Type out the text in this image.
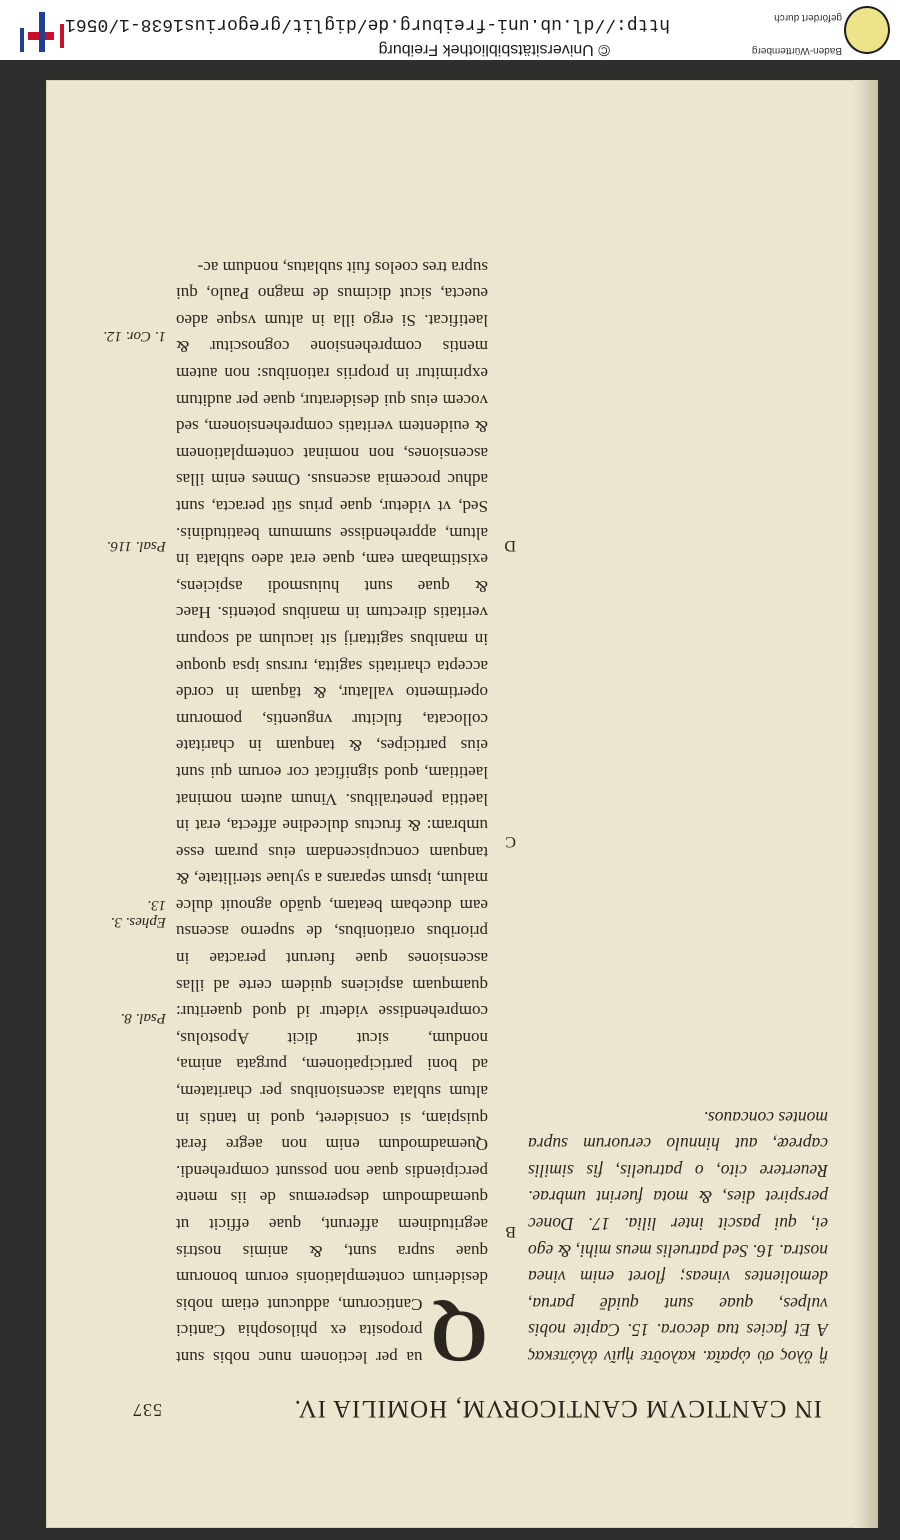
IN CANTICVM CANTICORVM, HOMILIA IV.
537
ἢ ὅλος σὺ ὡραῖα. καλοῦτε ἡμῖν ἀλώπεκας A Et facies tua decora. 15. Capite nobis vulpes, quae sunt quidē parua, demolientes vineas; floret enim vinea nostra. 16. Sed patruelis meus mihi, & ego ei, qui pascit inter lilia. 17. Donec perspiret dies, & mota fuerint umbrae. Reuertere cito, o patruelis, fis similis capreæ, aut hinnulo ceruorum supra montes concauos.
Q
ua per lectionem nunc nobis sunt proposita ex philosophia Cantici Canticorum, adducunt etiam nobis desiderium contemplationis eorum bonorum quae supra sunt, & animis nostris aegritudinem afferunt, quae efficit ut quemadmodum desperemus de iis mente percipiendis quae non possunt comprehendi. Quemadmodum enim non aegre ferat quispiam, si consideret, quod in tantis in altum sublata ascensionibus per charitatem, ad boni participationem, purgata anima, nondum, sicut dicit Apostolus, comprehendisse videtur id quod quaeritur: quamquam aspiciens quidem certe ad illas ascensiones quae fuerunt peractae in prioribus orationibus, de superno ascensu eam ducebam beatam, quādo agnouit dulce malum, ipsum separans a syluae sterilitate, & tanquam concupiscendam eius puram esse umbram: & fructus dulcedine affecta, erat in laetitia penetralibus. Vinum autem nominat laetitiam, quod significat cor eorum qui sunt eius participes, & tanquam in charitate collocata, fulcitur vnguentis, pomorum opertimento vallatur, & tāquam in corde accepta charitatis sagitta, rursus ipsa quoque in manibus sagittarij sit iaculum ad scopum veritatis directum in manibus potentis. Haec & quae sunt huiusmodi aspiciens, existimabam eam, quae erat adeo sublata in altum, apprehendisse summum beatitudinis. Sed, vt videtur, quae prius sūt peracta, sunt adhuc procemia ascensus. Omnes enim illas ascensiones, non nominat contemplationem & euidentem veritatis comprehensionem, sed vocem eius qui desideratur, quae per auditum exprimitur in propriis rationibus: non autem mentis comprehensione cognoscitur & laetificat. Si ergo illa in altum vsque adeo euecta, sicut dicimus de magno Paulo, qui supra tres coelos fuit sublatus, nondum ac-
B
C
D
Psal. 8.
Ephes. 3. 13.
Psal. 116.
1. Cor. 12.
Baden-Württemberg
gefördert durch
© Universitätsbibliothek Freiburg
http://dl.ub.uni-freiburg.de/diglit/gregorius1638-1/0561
